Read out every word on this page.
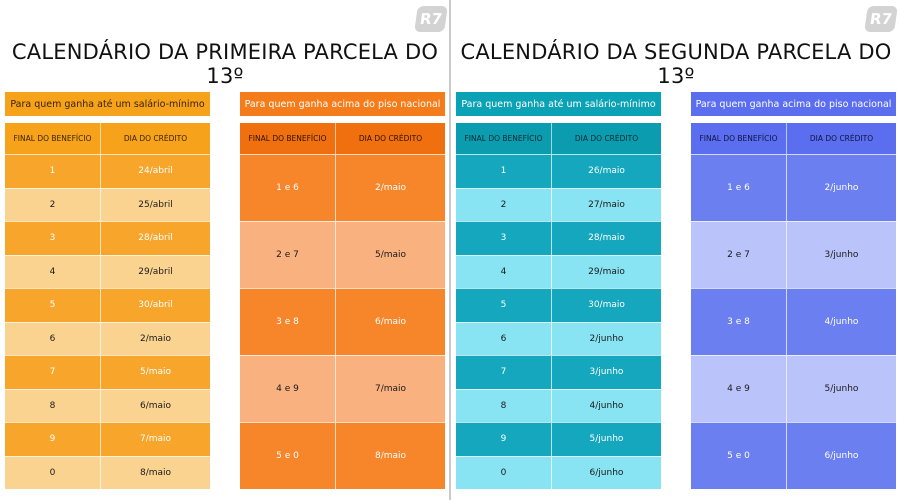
R7
CALENDÁRIO DA PRIMEIRA PARCELA DO 13º
Para quem ganha até um salário-mínimo
FINAL DO BENEFÍCIO	DIA DO CRÉDITO
1	24/abril
2	25/abril
3	28/abril
4	29/abril
5	30/abril
6	2/maio
7	5/maio
8	6/maio
9	7/maio
0	8/maio
Para quem ganha acima do piso nacional
FINAL DO BENEFÍCIO	DIA DO CRÉDITO
1 e 6	2/maio
2 e 7	5/maio
3 e 8	6/maio
4 e 9	7/maio
5 e 0	8/maio
R7
CALENDÁRIO DA SEGUNDA PARCELA DO 13º
Para quem ganha até um salário-mínimo
FINAL DO BENEFÍCIO	DIA DO CRÉDITO
1	26/maio
2	27/maio
3	28/maio
4	29/maio
5	30/maio
6	2/junho
7	3/junho
8	4/junho
9	5/junho
0	6/junho
Para quem ganha acima do piso nacional
FINAL DO BENEFÍCIO	DIA DO CRÉDITO
1 e 6	2/junho
2 e 7	3/junho
3 e 8	4/junho
4 e 9	5/junho
5 e 0	6/junho
